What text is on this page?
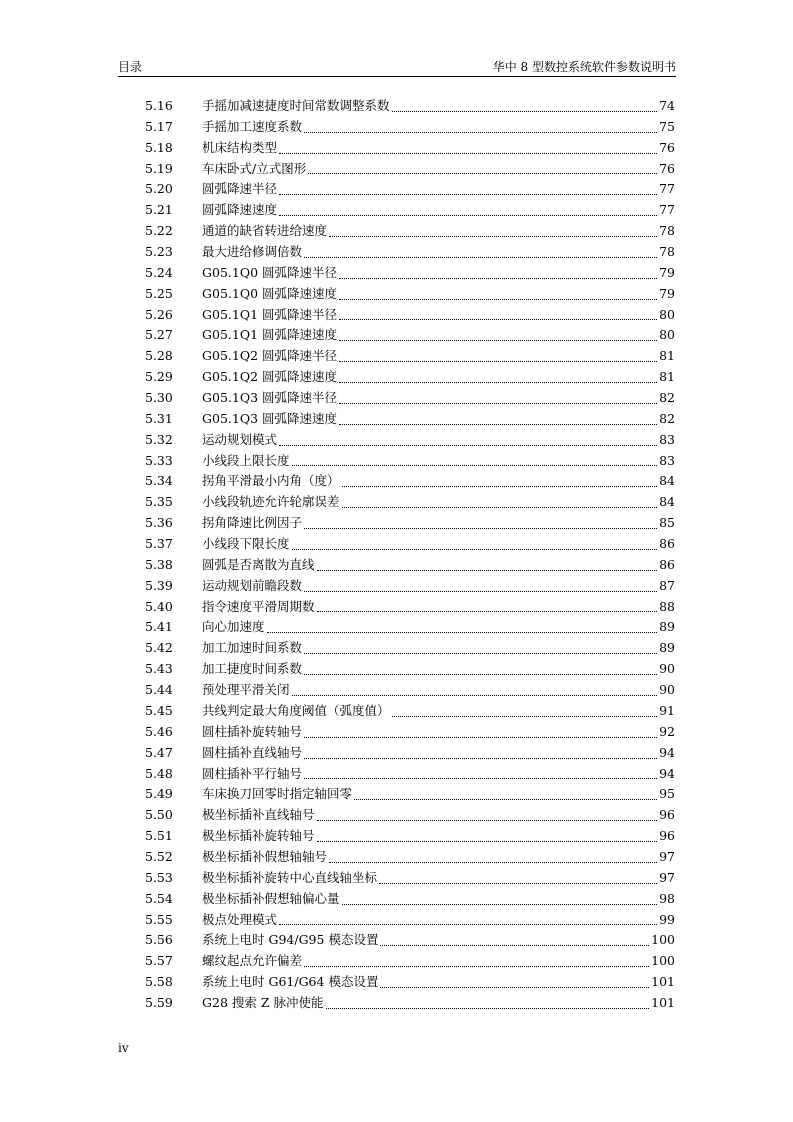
目录	华中 8 型数控系统软件参数说明书
5.16 手摇加减速捷度时间常数调整系数	74
5.17 手摇加工速度系数	75
5.18 机床结构类型	76
5.19 车床卧式/立式图形	76
5.20 圆弧降速半径	77
5.21 圆弧降速速度	77
5.22 通道的缺省转进给速度	78
5.23 最大进给修调倍数	78
5.24 G05.1Q0 圆弧降速半径	79
5.25 G05.1Q0 圆弧降速速度	79
5.26 G05.1Q1 圆弧降速半径	80
5.27 G05.1Q1 圆弧降速速度	80
5.28 G05.1Q2 圆弧降速半径	81
5.29 G05.1Q2 圆弧降速速度	81
5.30 G05.1Q3 圆弧降速半径	82
5.31 G05.1Q3 圆弧降速速度	82
5.32 运动规划模式	83
5.33 小线段上限长度	83
5.34 拐角平滑最小内角（度）	84
5.35 小线段轨迹允许轮廓误差	84
5.36 拐角降速比例因子	85
5.37 小线段下限长度	86
5.38 圆弧是否离散为直线	86
5.39 运动规划前瞻段数	87
5.40 指令速度平滑周期数	88
5.41 向心加速度	89
5.42 加工加速时间系数	89
5.43 加工捷度时间系数	90
5.44 预处理平滑关闭	90
5.45 共线判定最大角度阈值（弧度值）	91
5.46 圆柱插补旋转轴号	92
5.47 圆柱插补直线轴号	94
5.48 圆柱插补平行轴号	94
5.49 车床换刀回零时指定轴回零	95
5.50 极坐标插补直线轴号	96
5.51 极坐标插补旋转轴号	96
5.52 极坐标插补假想轴轴号	97
5.53 极坐标插补旋转中心直线轴坐标	97
5.54 极坐标插补假想轴偏心量	98
5.55 极点处理模式	99
5.56 系统上电时 G94/G95 模态设置	100
5.57 螺纹起点允许偏差	100
5.58 系统上电时 G61/G64 模态设置	101
5.59 G28 搜索 Z 脉冲使能	101
iv
